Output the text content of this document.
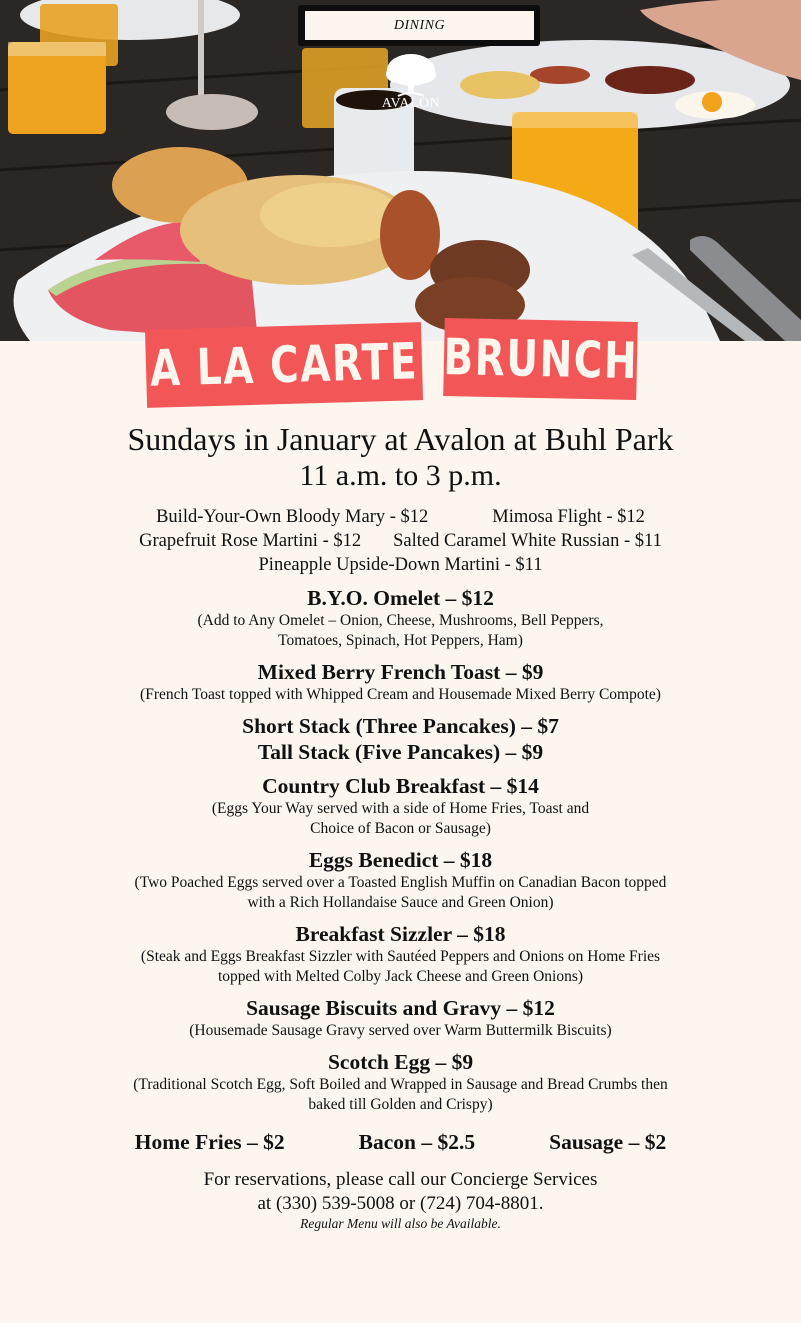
DINING
AVALON
A LA CARTE BRUNCH
Sundays in January at Avalon at Buhl Park
11 a.m. to 3 p.m.
Build-Your-Own Bloody Mary - $12	Mimosa Flight - $12
Grapefruit Rose Martini - $12 Salted Caramel White Russian - $11
Pineapple Upside-Down Martini - $11
B.Y.O. Omelet – $12
(Add to Any Omelet – Onion, Cheese, Mushrooms, Bell Peppers,
Tomatoes, Spinach, Hot Peppers, Ham)
Mixed Berry French Toast – $9
(French Toast topped with Whipped Cream and Housemade Mixed Berry Compote)
Short Stack (Three Pancakes) – $7
Tall Stack (Five Pancakes) – $9
Country Club Breakfast – $14
(Eggs Your Way served with a side of Home Fries, Toast and
Choice of Bacon or Sausage)
Eggs Benedict – $18
(Two Poached Eggs served over a Toasted English Muffin on Canadian Bacon topped
with a Rich Hollandaise Sauce and Green Onion)
Breakfast Sizzler – $18
(Steak and Eggs Breakfast Sizzler with Sautéed Peppers and Onions on Home Fries
topped with Melted Colby Jack Cheese and Green Onions)
Sausage Biscuits and Gravy – $12
(Housemade Sausage Gravy served over Warm Buttermilk Biscuits)
Scotch Egg – $9
(Traditional Scotch Egg, Soft Boiled and Wrapped in Sausage and Bread Crumbs then
baked till Golden and Crispy)
Home Fries – $2	Bacon – $2.5	Sausage – $2
For reservations, please call our Concierge Services
at (330) 539-5008 or (724) 704-8801.
Regular Menu will also be Available.
